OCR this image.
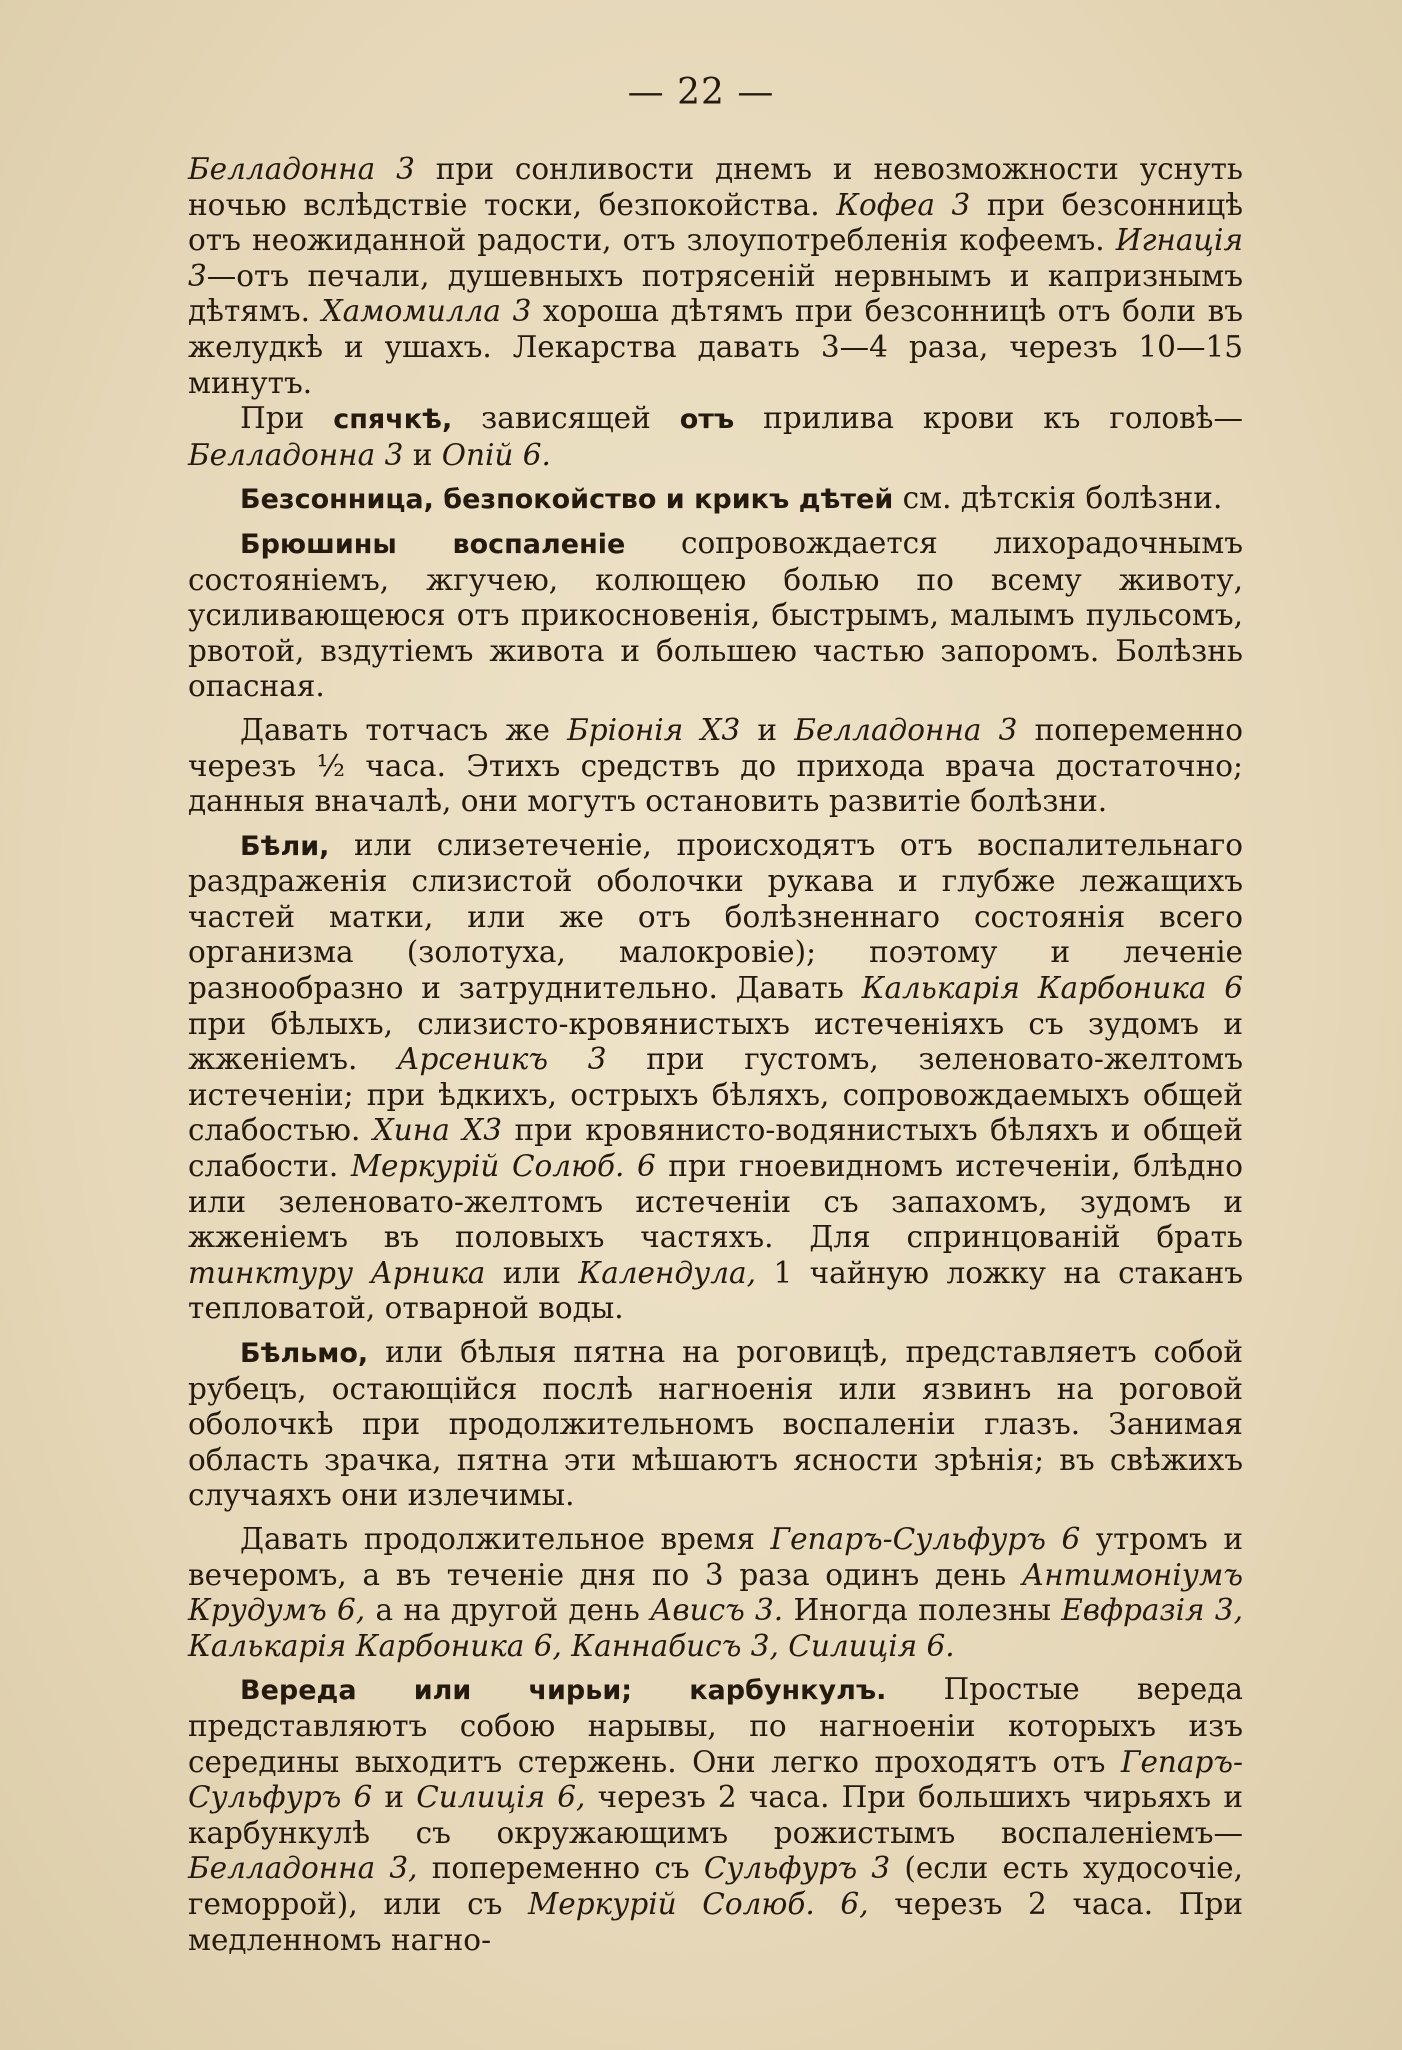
— 22 —

Белладонна 3 при сонливости днемъ и невозможности уснуть ночью вслѣдствіе тоски, безпокойства. Кофеа 3 при безсонницѣ отъ неожиданной радости, отъ злоупотребленія кофеемъ. Игнація 3—отъ печали, душевныхъ потрясеній нервнымъ и капризнымъ дѣтямъ. Хамомилла 3 хороша дѣтямъ при безсонницѣ отъ боли въ желудкѣ и ушахъ. Лекарства давать 3—4 раза, черезъ 10—15 минутъ.

При спячкѣ, зависящей отъ прилива крови къ головѣ—Белладонна 3 и Опій 6.

Безсонница, безпокойство и крикъ дѣтей см. дѣтскія болѣзни.

Брюшины воспаленіе сопровождается лихорадочнымъ состояніемъ, жгучею, колющею болью по всему животу, усиливающеюся отъ прикосновенія, быстрымъ, малымъ пульсомъ, рвотой, вздутіемъ живота и большею частью запоромъ. Болѣзнь опасная.

Давать тотчасъ же Бріонія Х3 и Белладонна 3 попеременно черезъ ½ часа. Этихъ средствъ до прихода врача достаточно; данныя вначалѣ, они могутъ остановить развитіе болѣзни.

Бѣли, или слизетеченіе, происходятъ отъ воспалительнаго раздраженія слизистой оболочки рукава и глубже лежащихъ частей матки, или же отъ болѣзненнаго состоянія всего организма (золотуха, малокровіе); поэтому и леченіе разнообразно и затруднительно. Давать Калькарія Карбоника 6 при бѣлыхъ, слизисто-кровянистыхъ истеченіяхъ съ зудомъ и жженіемъ. Арсеникъ 3 при густомъ, зеленовато-желтомъ истеченіи; при ѣдкихъ, острыхъ бѣляхъ, сопровождаемыхъ общей слабостью. Хина Х3 при кровянисто-водянистыхъ бѣляхъ и общей слабости. Меркурій Солюб. 6 при гноевидномъ истеченіи, блѣдно или зеленовато-желтомъ истеченіи съ запахомъ, зудомъ и жженіемъ въ половыхъ частяхъ. Для спринцованій брать тинктуру Арника или Календула, 1 чайную ложку на стаканъ тепловатой, отварной воды.

Бѣльмо, или бѣлыя пятна на роговицѣ, представляетъ собой рубецъ, остающійся послѣ нагноенія или язвинъ на роговой оболочкѣ при продолжительномъ воспаленіи глазъ. Занимая область зрачка, пятна эти мѣшаютъ ясности зрѣнія; въ свѣжихъ случаяхъ они излечимы.

Давать продолжительное время Гепаръ-Сульфуръ 6 утромъ и вечеромъ, а въ теченіе дня по 3 раза одинъ день Антимоніумъ Крудумъ 6, а на другой день Ависъ 3. Иногда полезны Евфразія 3, Калькарія Карбоника 6, Каннабисъ 3, Силиція 6.

Вереда или чирьи; карбункулъ. Простые вереда представляютъ собою нарывы, по нагноеніи которыхъ изъ середины выходитъ стержень. Они легко проходятъ отъ Гепаръ-Сульфуръ 6 и Силиція 6, черезъ 2 часа. При большихъ чирьяхъ и карбункулѣ съ окружающимъ рожистымъ воспаленіемъ—Белладонна 3, попеременно съ Сульфуръ 3 (если есть худосочіе, геморрой), или съ Меркурій Солюб. 6, черезъ 2 часа. При медленномъ нагно-
